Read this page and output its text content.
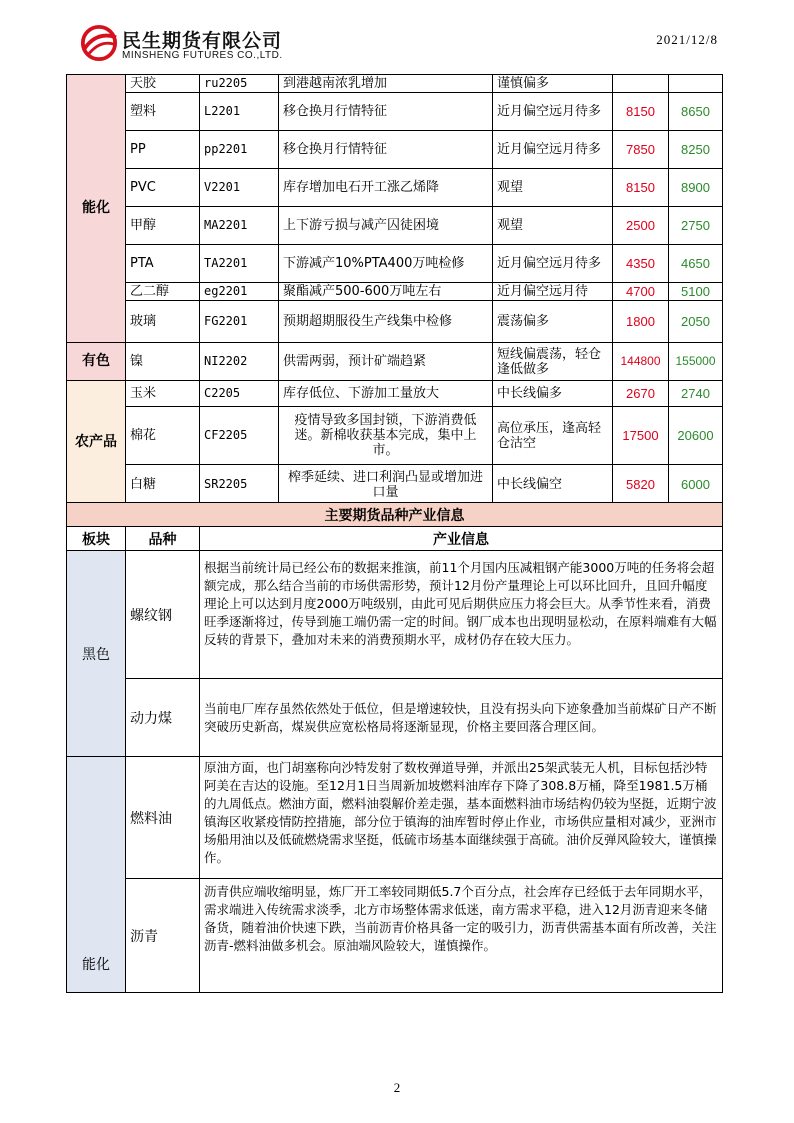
民生期货有限公司
MINSHENG FUTURES CO.,LTD.
2021/12/8
能化	天胶	ru2205	到港越南浓乳增加	谨慎偏多		
	塑料	L2201	移仓换月行情特征	近月偏空远月待多	8150	8650
	PP	pp2201	移仓换月行情特征	近月偏空远月待多	7850	8250
	PVC	V2201	库存增加电石开工涨乙烯降	观望	8150	8900
	甲醇	MA2201	上下游亏损与减产囚徒困境	观望	2500	2750
	PTA	TA2201	下游减产10%PTA400万吨检修	近月偏空远月待多	4350	4650
	乙二醇	eg2201	聚酯减产500-600万吨左右	近月偏空远月待	4700	5100
	玻璃	FG2201	预期超期服役生产线集中检修	震荡偏多	1800	2050
有色	镍	NI2202	供需两弱，预计矿端趋紧	短线偏震荡，轻仓逢低做多	144800	155000
农产品	玉米	C2205	库存低位、下游加工量放大	中长线偏多	2670	2740
	棉花	CF2205	疫情导致多国封锁，下游消费低迷。新棉收获基本完成，集中上市。	高位承压，逢高轻仓沽空	17500	20600
	白糖	SR2205	榨季延续、进口利润凸显或增加进口量	中长线偏空	5820	6000
主要期货品种产业信息		
板块	品种	产业信息
黑色	螺纹钢	根据当前统计局已经公布的数据来推演，前11个月国内压减粗钢产能3000万吨的任务将会超额完成，那么结合当前的市场供需形势，预计12月份产量理论上可以环比回升，且回升幅度理论上可以达到月度2000万吨级别，由此可见后期供应压力将会巨大。从季节性来看，消费旺季逐渐将过，传导到施工端仍需一定的时间。钢厂成本也出现明显松动，在原料端难有大幅反转的背景下，叠加对未来的消费预期水平，成材仍存在较大压力。
	动力煤	当前电厂库存虽然依然处于低位，但是增速较快，且没有拐头向下迹象叠加当前煤矿日产不断突破历史新高，煤炭供应宽松格局将逐渐显现，价格主要回落合理区间。
能化	燃料油	原油方面，也门胡塞称向沙特发射了数枚弹道导弹，并派出25架武装无人机，目标包括沙特阿美在吉达的设施。至12月1日当周新加坡燃料油库存下降了308.8万桶，降至1981.5万桶的九周低点。燃油方面，燃料油裂解价差走强，基本面燃料油市场结构仍较为坚挺，近期宁波镇海区收紧疫情防控措施，部分位于镇海的油库暂时停止作业，市场供应量相对减少，亚洲市场船用油以及低硫燃烧需求坚挺，低硫市场基本面继续强于高硫。油价反弹风险较大，谨慎操作。

	沥青	沥青供应端收缩明显，炼厂开工率较同期低5.7个百分点，社会库存已经低于去年同期水平，需求端进入传统需求淡季，北方市场整体需求低迷，南方需求平稳，进入12月沥青迎来冬储备货，随着油价快速下跌，当前沥青价格具备一定的吸引力，沥青供需基本面有所改善，关注沥青-燃料油做多机会。原油端风险较大，谨慎操作。
2
